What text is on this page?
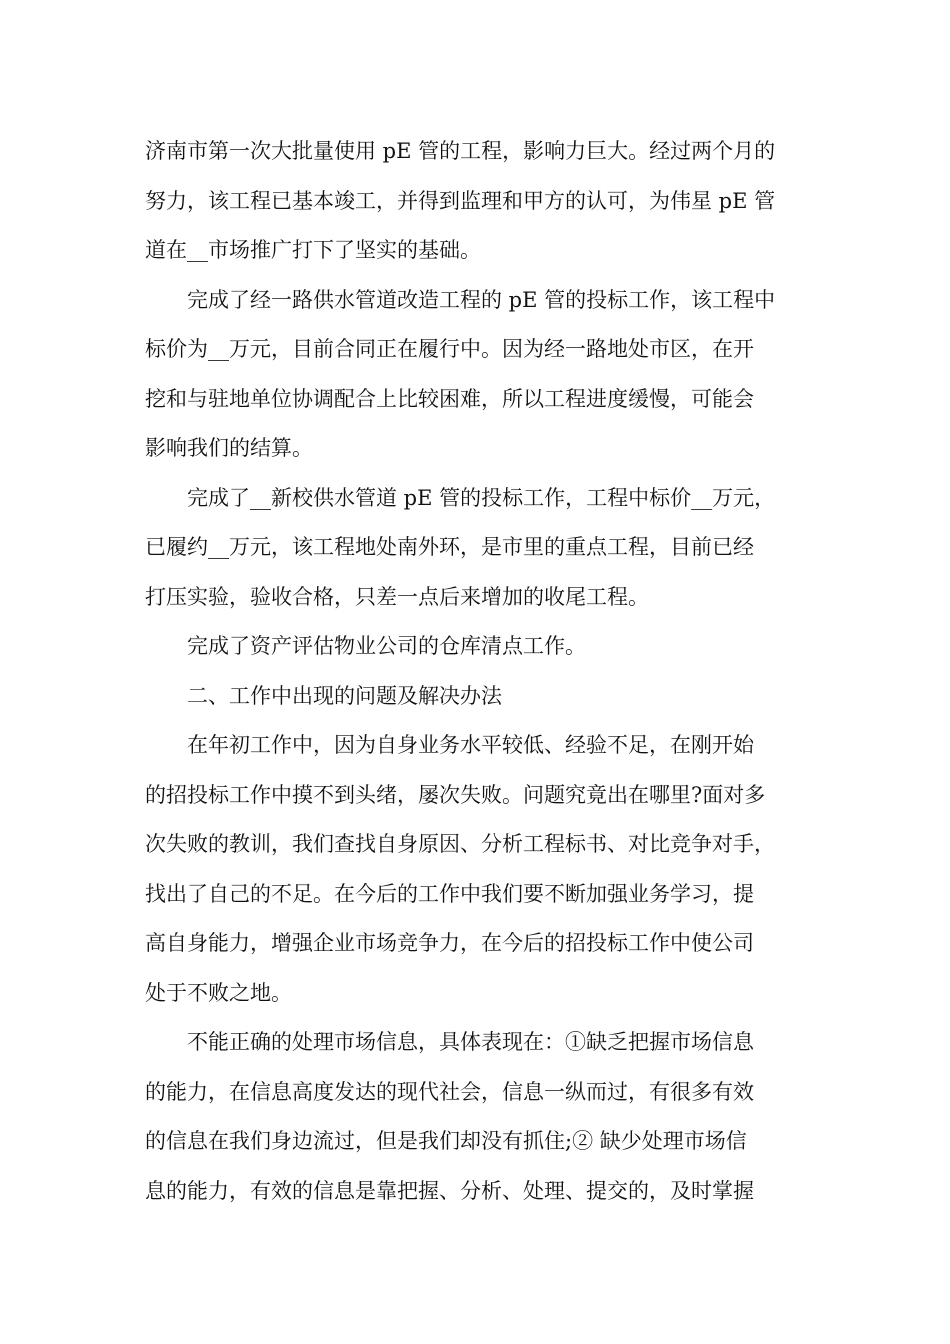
济南市第一次大批量使用 pE 管的工程，影响力巨大。经过两个月的
努力，该工程已基本竣工，并得到监理和甲方的认可，为伟星 pE 管
道在__市场推广打下了坚实的基础。
完成了经一路供水管道改造工程的 pE 管的投标工作，该工程中
标价为__万元，目前合同正在履行中。因为经一路地处市区，在开
挖和与驻地单位协调配合上比较困难，所以工程进度缓慢，可能会
影响我们的结算。
完成了__新校供水管道 pE 管的投标工作，工程中标价__万元，
已履约__万元，该工程地处南外环，是市里的重点工程，目前已经
打压实验，验收合格，只差一点后来增加的收尾工程。
完成了资产评估物业公司的仓库清点工作。
二、工作中出现的问题及解决办法
在年初工作中，因为自身业务水平较低、经验不足，在刚开始
的招投标工作中摸不到头绪，屡次失败。问题究竟出在哪里?面对多
次失败的教训，我们查找自身原因、分析工程标书、对比竞争对手，
找出了自己的不足。在今后的工作中我们要不断加强业务学习，提
高自身能力，增强企业市场竞争力，在今后的招投标工作中使公司
处于不败之地。
不能正确的处理市场信息，具体表现在：①缺乏把握市场信息
的能力，在信息高度发达的现代社会，信息一纵而过，有很多有效
的信息在我们身边流过，但是我们却没有抓住;② 缺少处理市场信
息的能力，有效的信息是靠把握、分析、处理、提交的，及时掌握
